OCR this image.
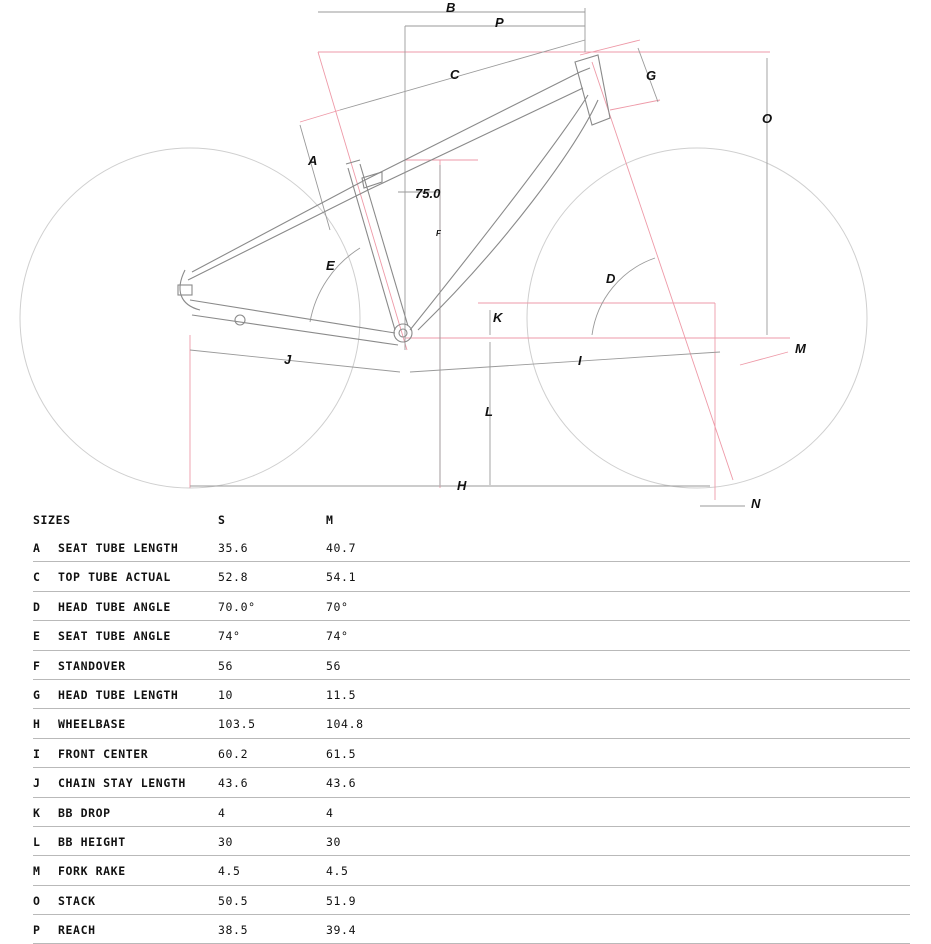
B
P
C	G
O
A
75.0
F
E
D
K
M
J	I
L
H
N
SIZES	S	M
A SEAT TUBE LENGTH	35.6	40.7
C TOP TUBE ACTUAL	52.8	54.1
D HEAD TUBE ANGLE	70.0°	70°
E SEAT TUBE ANGLE	74°	74°
F STANDOVER	56	56
G HEAD TUBE LENGTH	10	11.5
H WHEELBASE	103.5	104.8
I FRONT CENTER	60.2	61.5
J CHAIN STAY LENGTH	43.6	43.6
K BB DROP	4	4
L BB HEIGHT	30	30
M FORK RAKE	4.5	4.5
O STACK	50.5	51.9
P REACH	38.5	39.4
